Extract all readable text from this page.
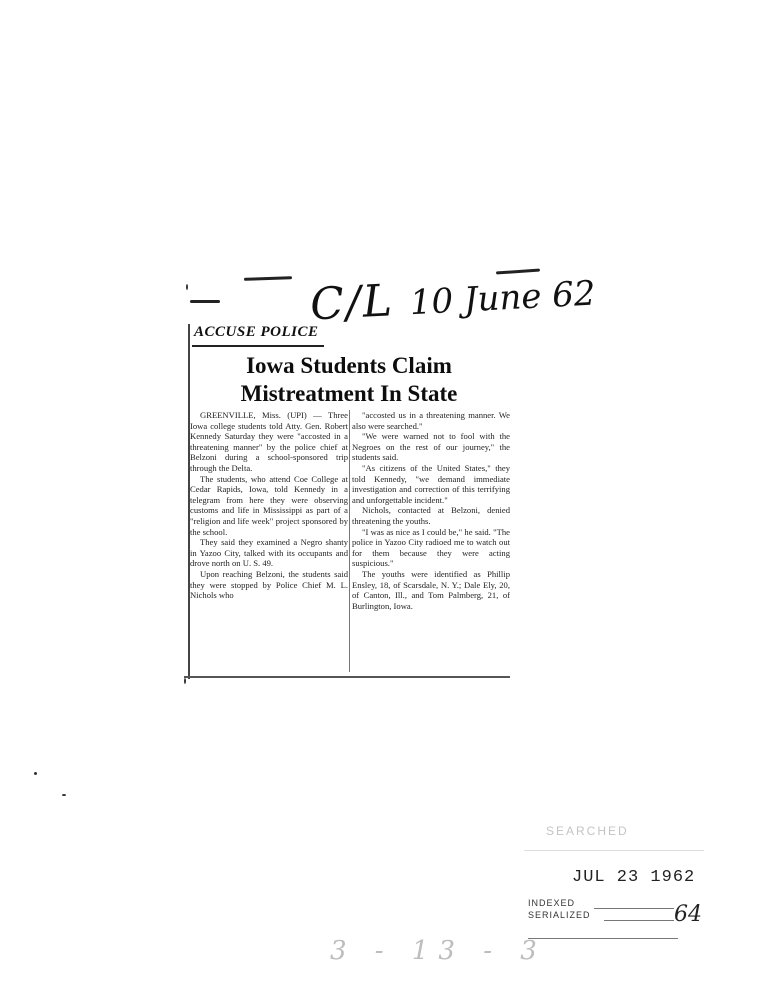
C/L 10 June 62
ACCUSE POLICE
Iowa Students Claim
Mistreatment In State

GREENVILLE, Miss. (UPI) — Three Iowa college students told Atty. Gen. Robert Kennedy Saturday they were "accosted in a threatening manner" by the police chief at Belzoni during a school-sponsored trip through the Delta.

The students, who attend Coe College at Cedar Rapids, Iowa, told Kennedy in a telegram from here they were observing customs and life in Mississippi as part of a "religion and life week" project sponsored by the school.

They said they examined a Negro shanty in Yazoo City, talked with its occupants and drove north on U. S. 49.

Upon reaching Belzoni, the students said they were stopped by Police Chief M. L. Nichols who

"accosted us in a threatening manner. We also were searched."

"We were warned not to fool with the Negroes on the rest of our journey," the students said.

"As citizens of the United States," they told Kennedy, "we demand immediate investigation and correction of this terrifying and unforgettable incident."

Nichols, contacted at Belzoni, denied threatening the youths.

"I was as nice as I could be," he said. "The police in Yazoo City radioed me to watch out for them because they were acting suspicious."

The youths were identified as Phillip Ensley, 18, of Scarsdale, N. Y.; Dale Ely, 20, of Canton, Ill., and Tom Palmberg, 21, of Burlington, Iowa.

SEARCHED
JUL 23 1962
INDEXED
SERIALIZED	64
3 - 13 - 3
